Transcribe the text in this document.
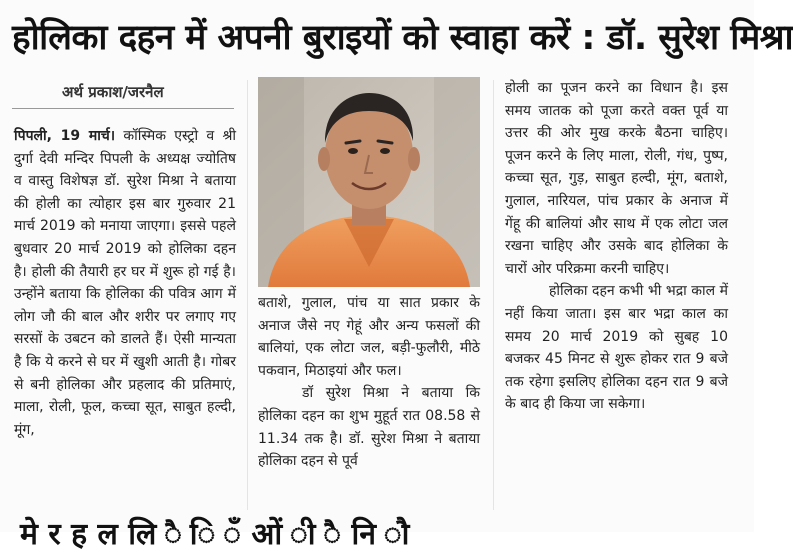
होलिका दहन में अपनी बुराइयों को स्वाहा करें : डॉ. सुरेश मिश्रा
अर्थ प्रकाश/जरनैल

पिपली, 19 मार्च। कॉस्मिक एस्ट्रो व श्री दुर्गा देवी मन्दिर पिपली के अध्यक्ष ज्योतिष व वास्तु विशेषज्ञ डॉ. सुरेश मिश्रा ने बताया की होली का त्योहार इस बार गुरुवार 21 मार्च 2019 को मनाया जाएगा। इससे पहले बुधवार 20 मार्च 2019 को होलिका दहन है। होली की तैयारी हर घर में शुरू हो गई है। उन्होंने बताया कि होलिका की पवित्र आग में लोग जौ की बाल और शरीर पर लगाए गए सरसों के उबटन को डालते हैं। ऐसी मान्यता है कि ये करने से घर में खुशी आती है। गोबर से बनी होलिका और प्रहलाद की प्रतिमाएं, माला, रोली, फूल, कच्चा सूत, साबुत हल्दी, मूंग,

बताशे, गुलाल, पांच या सात प्रकार के अनाज जैसे नए गेहूं और अन्य फसलों की बालियां, एक लोटा जल, बड़ी-फुलौरी, मीठे पकवान, मिठाइयां और फल।

डॉ सुरेश मिश्रा ने बताया कि होलिका दहन का शुभ मुहूर्त रात 08.58 से 11.34 तक है। डॉ. सुरेश मिश्रा ने बताया होलिका दहन से पूर्व

होली का पूजन करने का विधान है। इस समय जातक को पूजा करते वक्त पूर्व या उत्तर की ओर मुख करके बैठना चाहिए। पूजन करने के लिए माला, रोली, गंध, पुष्प, कच्चा सूत, गुड़, साबुत हल्दी, मूंग, बताशे, गुलाल, नारियल, पांच प्रकार के अनाज में गेंहू की बालियां और साथ में एक लोटा जल रखना चाहिए और उसके बाद होलिका के चारों ओर परिक्रमा करनी चाहिए।

होलिका दहन कभी भी भद्रा काल में नहीं किया जाता। इस बार भद्रा काल का समय 20 मार्च 2019 को सुबह 10 बजकर 45 मिनट से शुरू होकर रात 9 बजे तक रहेगा इसलिए होलिका दहन रात 9 बजे के बाद ही किया जा सकेगा।

मे र ह ल लि ै ि ँ ओं ी ै नि ौ
